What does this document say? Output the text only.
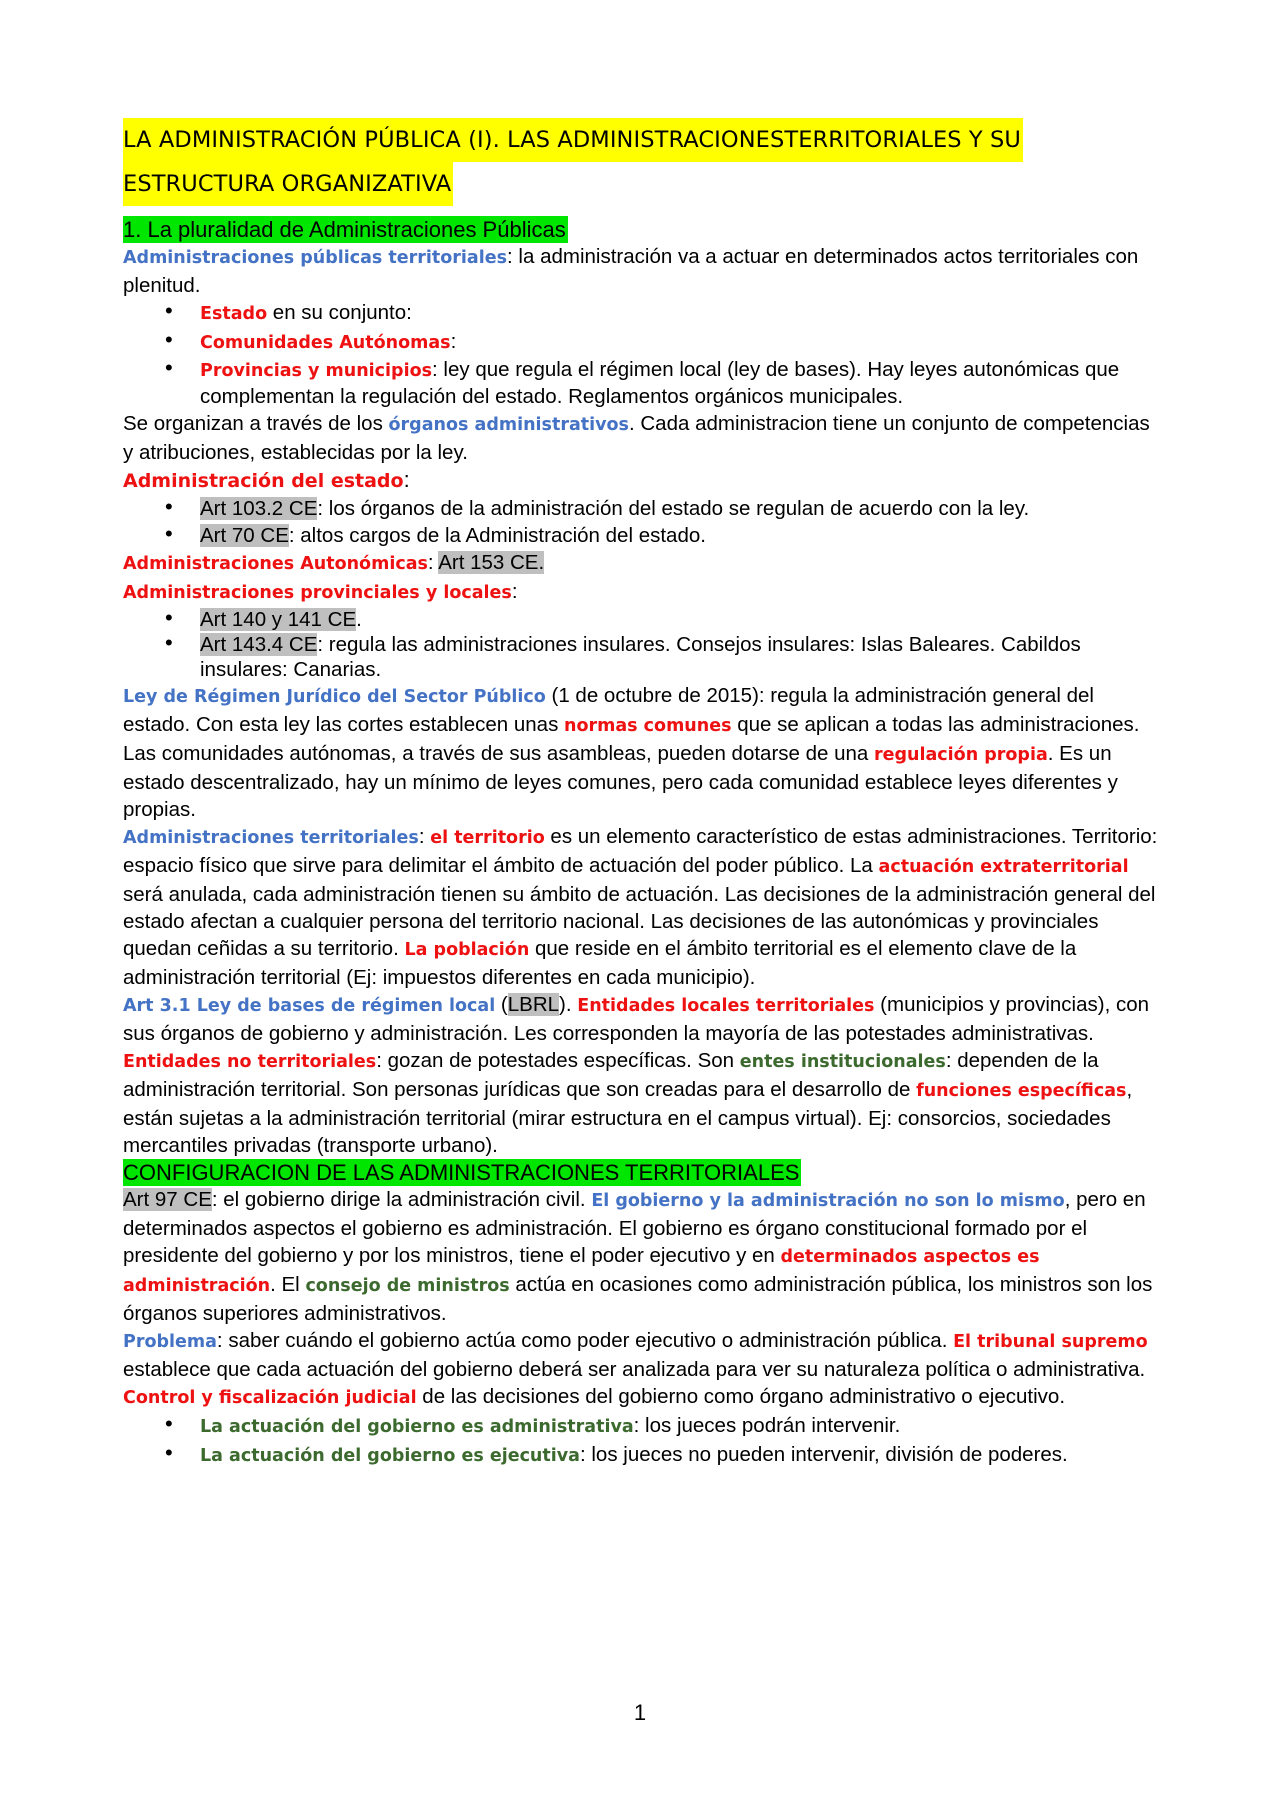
LA ADMINISTRACIÓN PÚBLICA (I). LAS ADMINISTRACIONESTERRITORIALES Y SU
ESTRUCTURA ORGANIZATIVA
1. La pluralidad de Administraciones Públicas

Administraciones públicas territoriales: la administración va a actuar en determinados actos territoriales con plenitud.

• Estado en su conjunto:
• Comunidades Autónomas:
• Provincias y municipios: ley que regula el régimen local (ley de bases). Hay leyes autonómicas que complementan la regulación del estado. Reglamentos orgánicos municipales.

Se organizan a través de los órganos administrativos. Cada administracion tiene un conjunto de competencias y atribuciones, establecidas por la ley.

Administración del estado:

• Art 103.2 CE: los órganos de la administración del estado se regulan de acuerdo con la ley.
• Art 70 CE: altos cargos de la Administración del estado.

Administraciones Autonómicas: Art 153 CE.

Administraciones provinciales y locales:

• Art 140 y 141 CE.
• Art 143.4 CE: regula las administraciones insulares. Consejos insulares: Islas Baleares. Cabildos insulares: Canarias.

Ley de Régimen Jurídico del Sector Público (1 de octubre de 2015): regula la administración general del estado. Con esta ley las cortes establecen unas normas comunes que se aplican a todas las administraciones. Las comunidades autónomas, a través de sus asambleas, pueden dotarse de una regulación propia. Es un estado descentralizado, hay un mínimo de leyes comunes, pero cada comunidad establece leyes diferentes y propias.

Administraciones territoriales: el territorio es un elemento característico de estas administraciones. Territorio: espacio físico que sirve para delimitar el ámbito de actuación del poder público. La actuación extraterritorial será anulada, cada administración tienen su ámbito de actuación. Las decisiones de la administración general del estado afectan a cualquier persona del territorio nacional. Las decisiones de las autonómicas y provinciales quedan ceñidas a su territorio. La población que reside en el ámbito territorial es el elemento clave de la administración territorial (Ej: impuestos diferentes en cada municipio).

Art 3.1 Ley de bases de régimen local (LBRL). Entidades locales territoriales (municipios y provincias), con sus órganos de gobierno y administración. Les corresponden la mayoría de las potestades administrativas. Entidades no territoriales: gozan de potestades específicas. Son entes institucionales: dependen de la administración territorial. Son personas jurídicas que son creadas para el desarrollo de funciones específicas, están sujetas a la administración territorial (mirar estructura en el campus virtual). Ej: consorcios, sociedades mercantiles privadas (transporte urbano).

CONFIGURACION DE LAS ADMINISTRACIONES TERRITORIALES

Art 97 CE: el gobierno dirige la administración civil. El gobierno y la administración no son lo mismo, pero en determinados aspectos el gobierno es administración. El gobierno es órgano constitucional formado por el presidente del gobierno y por los ministros, tiene el poder ejecutivo y en determinados aspectos es administración. El consejo de ministros actúa en ocasiones como administración pública, los ministros son los órganos superiores administrativos.

Problema: saber cuándo el gobierno actúa como poder ejecutivo o administración pública. El tribunal supremo establece que cada actuación del gobierno deberá ser analizada para ver su naturaleza política o administrativa. Control y fiscalización judicial de las decisiones del gobierno como órgano administrativo o ejecutivo.

• La actuación del gobierno es administrativa: los jueces podrán intervenir.
• La actuación del gobierno es ejecutiva: los jueces no pueden intervenir, división de poderes.
1
